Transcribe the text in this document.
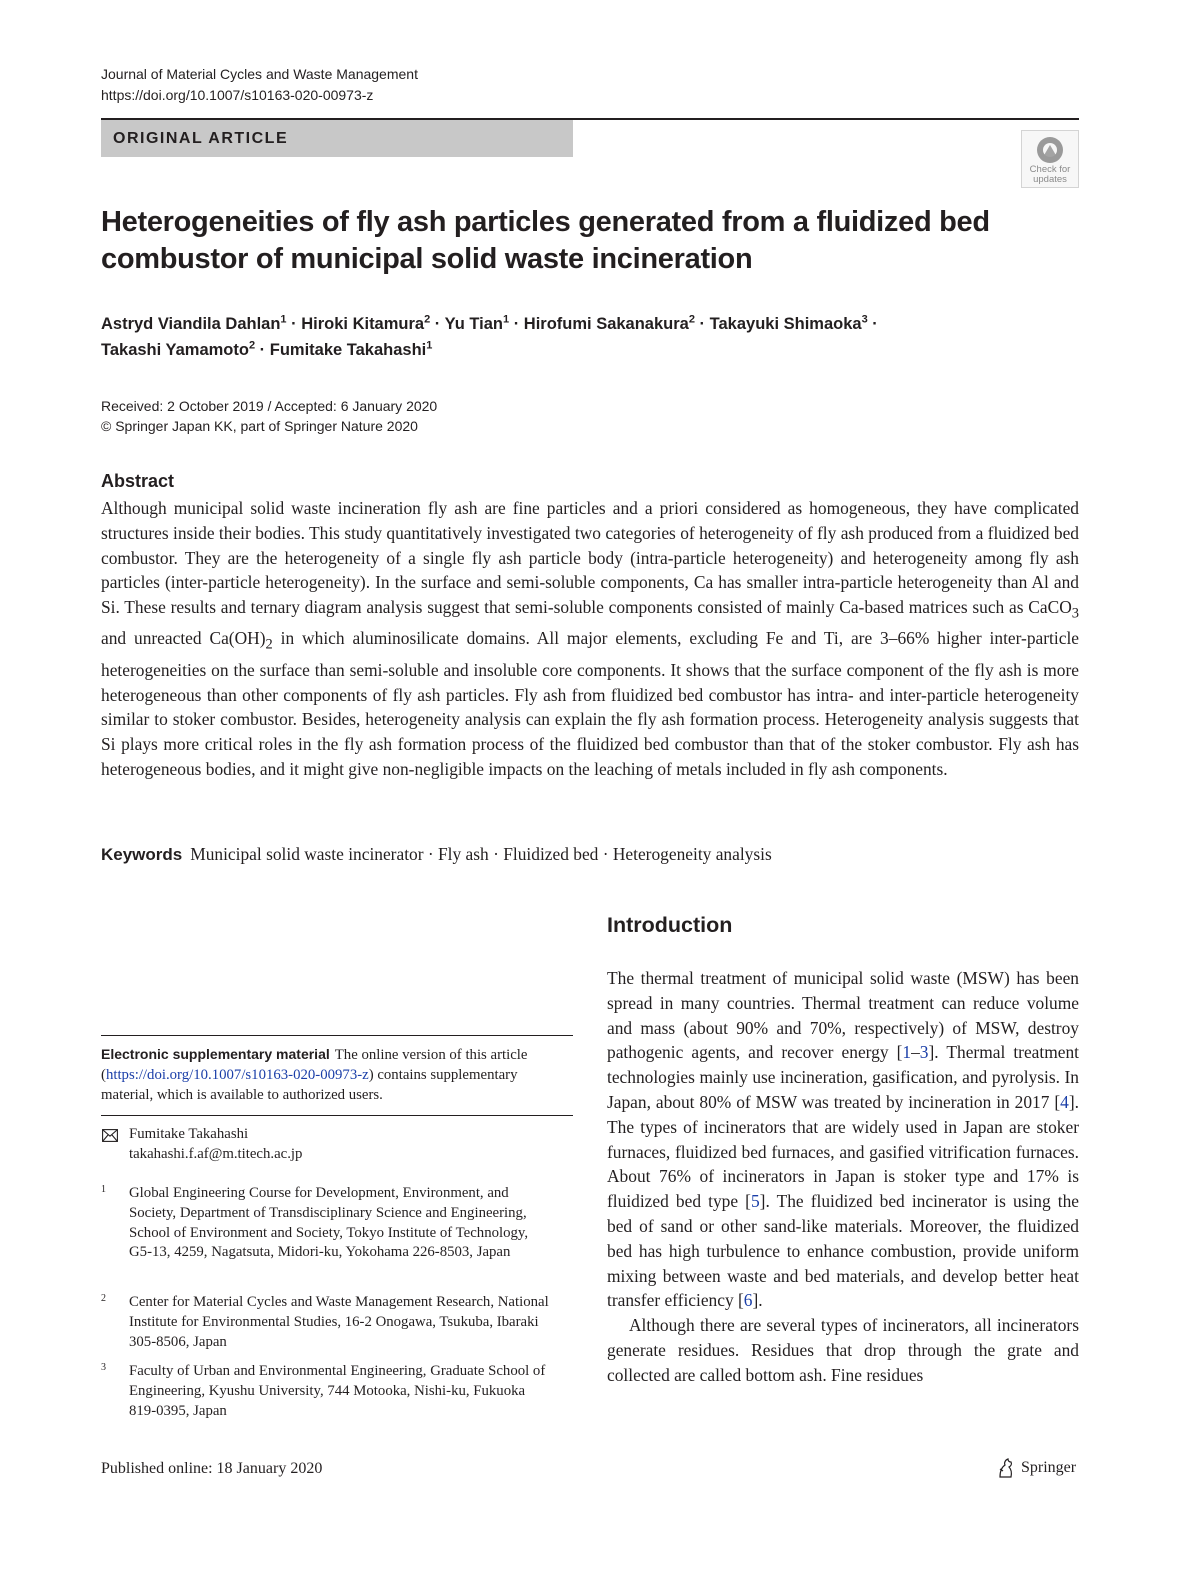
Journal of Material Cycles and Waste Management
https://doi.org/10.1007/s10163-020-00973-z
ORIGINAL ARTICLE
Check for updates
Heterogeneities of fly ash particles generated from a fluidized bed
combustor of municipal solid waste incineration
Astryd Viandila Dahlan$^1$ · Hiroki Kitamura$^2$ · Yu Tian$^1$ · Hirofumi Sakanakura$^2$ · Takayuki Shimaoka$^3$ ·
Takashi Yamamoto$^2$ · Fumitake Takahashi$^1$
Received: 2 October 2019 / Accepted: 6 January 2020
© Springer Japan KK, part of Springer Nature 2020
Abstract
Although municipal solid waste incineration fly ash are fine particles and a priori considered as homogeneous, they have complicated structures inside their bodies. This study quantitatively investigated two categories of heterogeneity of fly ash produced from a fluidized bed combustor. They are the heterogeneity of a single fly ash particle body (intra-particle heterogeneity) and heterogeneity among fly ash particles (inter-particle heterogeneity). In the surface and semi-soluble components, Ca has smaller intra-particle heterogeneity than Al and Si. These results and ternary diagram analysis suggest that semi-soluble components consisted of mainly Ca-based matrices such as CaCO$_3$ and unreacted $Ca(OH)_2$ in which aluminosilicate domains. All major elements, excluding Fe and Ti, are 3–66% higher inter-particle heterogeneities on the surface than semi-soluble and insoluble core components. It shows that the surface component of the fly ash is more heterogeneous than other components of fly ash particles. Fly ash from fluidized bed combustor has intra- and inter-particle heterogeneity similar to stoker combustor. Besides, heterogeneity analysis can explain the fly ash formation process. Heterogeneity analysis suggests that Si plays more critical roles in the fly ash formation process of the fluidized bed combustor than that of the stoker combustor. Fly ash has heterogeneous bodies, and it might give non-negligible impacts on the leaching of metals included in fly ash components.
Keywords Municipal solid waste incinerator · Fly ash · Fluidized bed · Heterogeneity analysis
Introduction

The thermal treatment of municipal solid waste (MSW) has been spread in many countries. Thermal treatment can reduce volume and mass (about 90% and 70%, respectively) of MSW, destroy pathogenic agents, and recover energy [1–3]. Thermal treatment technologies mainly use incineration, gasification, and pyrolysis. In Japan, about 80% of MSW was treated by incineration in 2017 [4]. The types of incinerators that are widely used in Japan are stoker furnaces, fluidized bed furnaces, and gasified vitrification furnaces. About 76% of incinerators in Japan is stoker type and 17% is fluidized bed type [5]. The fluidized bed incinerator is using the bed of sand or other sand-like materials. Moreover, the fluidized bed has high turbulence to enhance combustion, provide uniform mixing between waste and bed materials, and develop better heat transfer efficiency [6].

Although there are several types of incinerators, all incinerators generate residues. Residues that drop through the grate and collected are called bottom ash. Fine residues

Electronic supplementary material The online version of this article (https://doi.org/10.1007/s10163-020-00973-z) contains supplementary material, which is available to authorized users.
Fumitake Takahashi
takahashi.f.af@m.titech.ac.jp
1 Global Engineering Course for Development, Environment, and Society, Department of Transdisciplinary Science and Engineering, School of Environment and Society, Tokyo Institute of Technology, G5-13, 4259, Nagatsuta, Midori-ku, Yokohama 226-8503, Japan
2 Center for Material Cycles and Waste Management Research, National Institute for Environmental Studies, 16-2 Onogawa, Tsukuba, Ibaraki 305-8506, Japan
3 Faculty of Urban and Environmental Engineering, Graduate School of Engineering, Kyushu University, 744 Motooka, Nishi-ku, Fukuoka 819-0395, Japan
Published online: 18 January 2020	Springer
